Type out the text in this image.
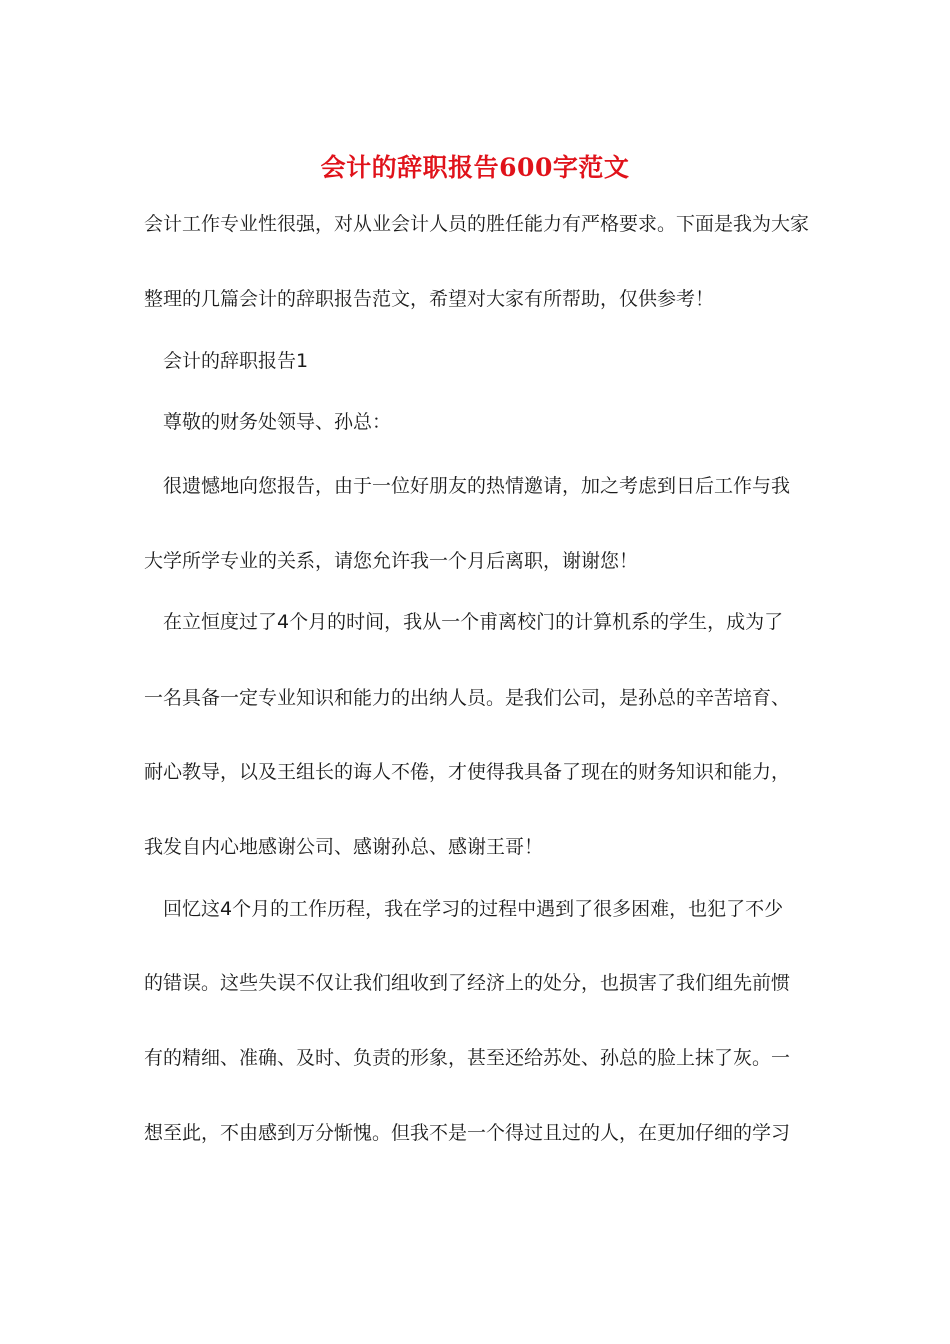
会计的辞职报告600字范文
会计工作专业性很强，对从业会计人员的胜任能力有严格要求。下面是我为大家
整理的几篇会计的辞职报告范文，希望对大家有所帮助，仅供参考！
会计的辞职报告1
尊敬的财务处领导、孙总：
很遗憾地向您报告，由于一位好朋友的热情邀请，加之考虑到日后工作与我
大学所学专业的关系，请您允许我一个月后离职，谢谢您！
在立恒度过了4个月的时间，我从一个甫离校门的计算机系的学生，成为了
一名具备一定专业知识和能力的出纳人员。是我们公司，是孙总的辛苦培育、
耐心教导，以及王组长的诲人不倦，才使得我具备了现在的财务知识和能力，
我发自内心地感谢公司、感谢孙总、感谢王哥！
回忆这4个月的工作历程，我在学习的过程中遇到了很多困难，也犯了不少
的错误。这些失误不仅让我们组收到了经济上的处分，也损害了我们组先前惯
有的精细、准确、及时、负责的形象，甚至还给苏处、孙总的脸上抹了灰。一
想至此，不由感到万分惭愧。但我不是一个得过且过的人，在更加仔细的学习
